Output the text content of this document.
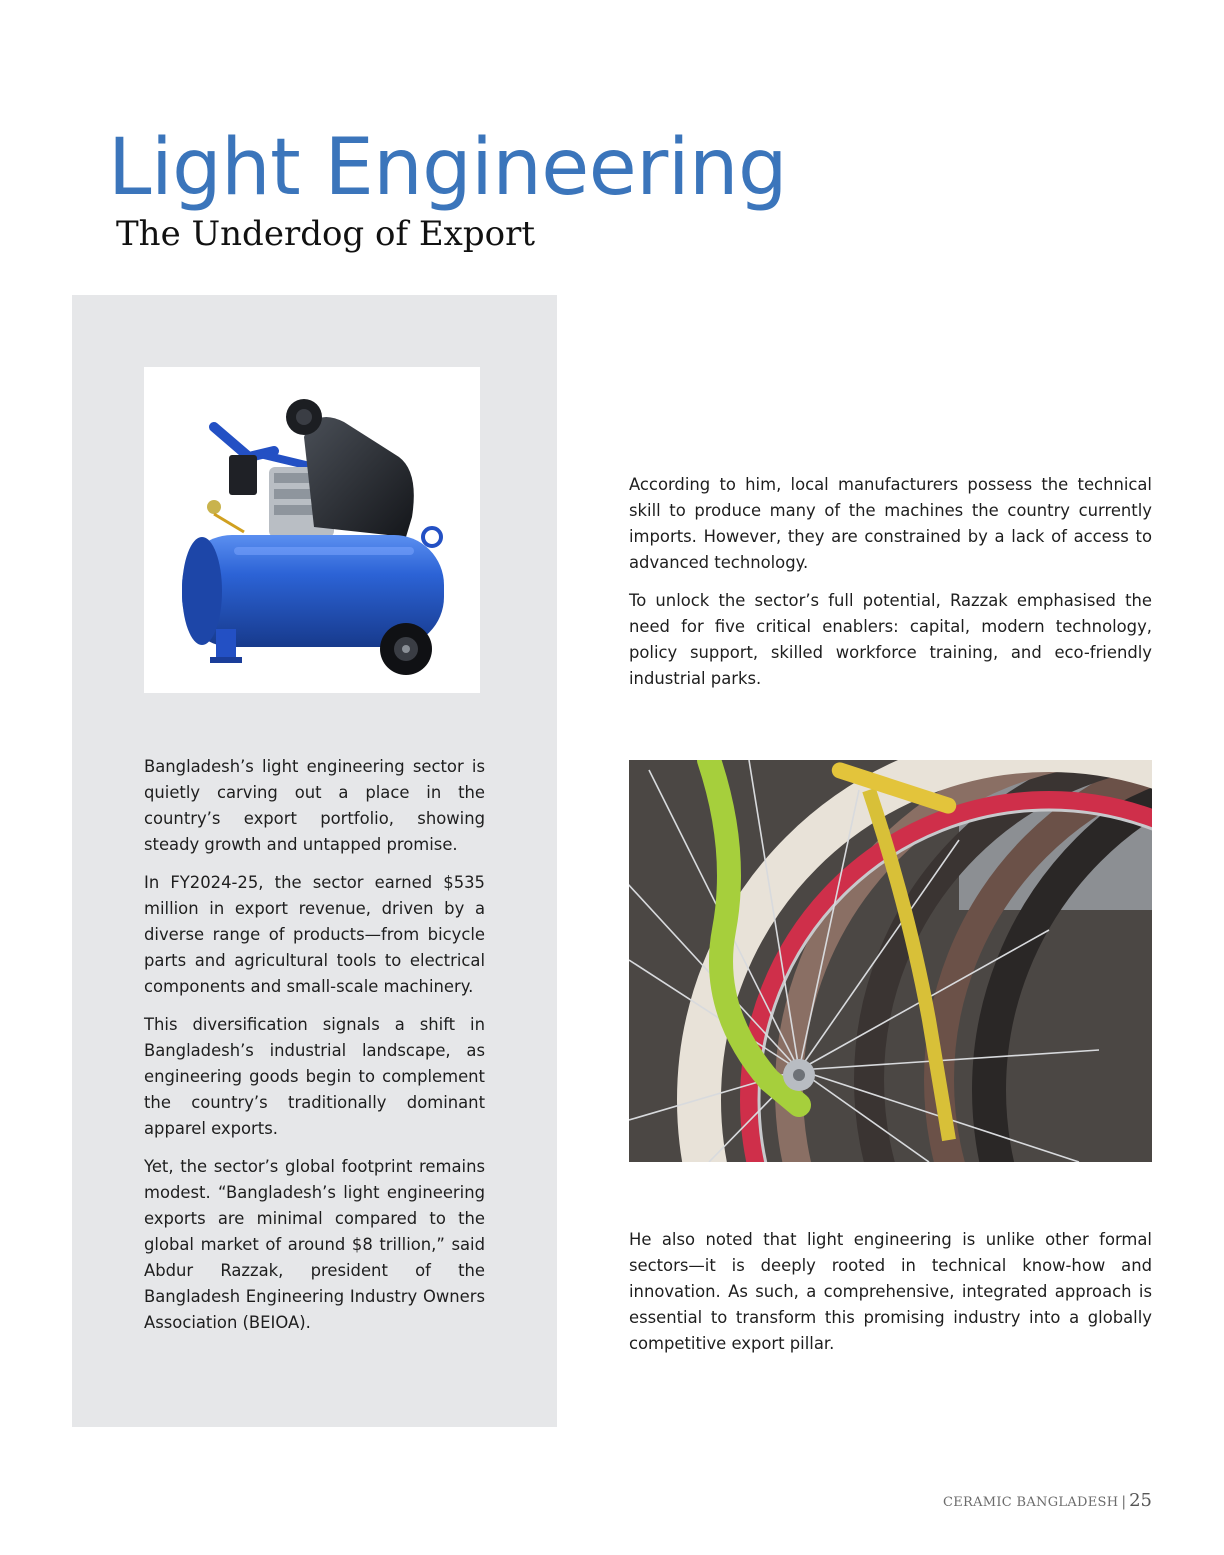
Light Engineering
The Underdog of Export

Bangladesh’s light engineering sector is quietly carving out a place in the country’s export portfolio, showing steady growth and untapped promise.

In FY2024-25, the sector earned $535 million in export revenue, driven by a diverse range of products—from bicycle parts and agricultural tools to electrical components and small-scale machinery.

This diversification signals a shift in Bangladesh’s industrial landscape, as engineering goods begin to complement the country’s traditionally dominant apparel exports.

Yet, the sector’s global footprint remains modest. “Bangladesh’s light engineering exports are minimal compared to the global market of around $8 trillion,” said Abdur Razzak, president of the Bangladesh Engineering Industry Owners Association (BEIOA).

According to him, local manufacturers possess the technical skill to produce many of the machines the country currently imports. However, they are constrained by a lack of access to advanced technology.

To unlock the sector’s full potential, Razzak emphasised the need for five critical enablers: capital, modern technology, policy support, skilled workforce training, and eco-friendly industrial parks.

He also noted that light engineering is unlike other formal sectors—it is deeply rooted in technical know-how and innovation. As such, a comprehensive, integrated approach is essential to transform this promising industry into a globally competitive export pillar.

CERAMIC BANGLADESH | 25
